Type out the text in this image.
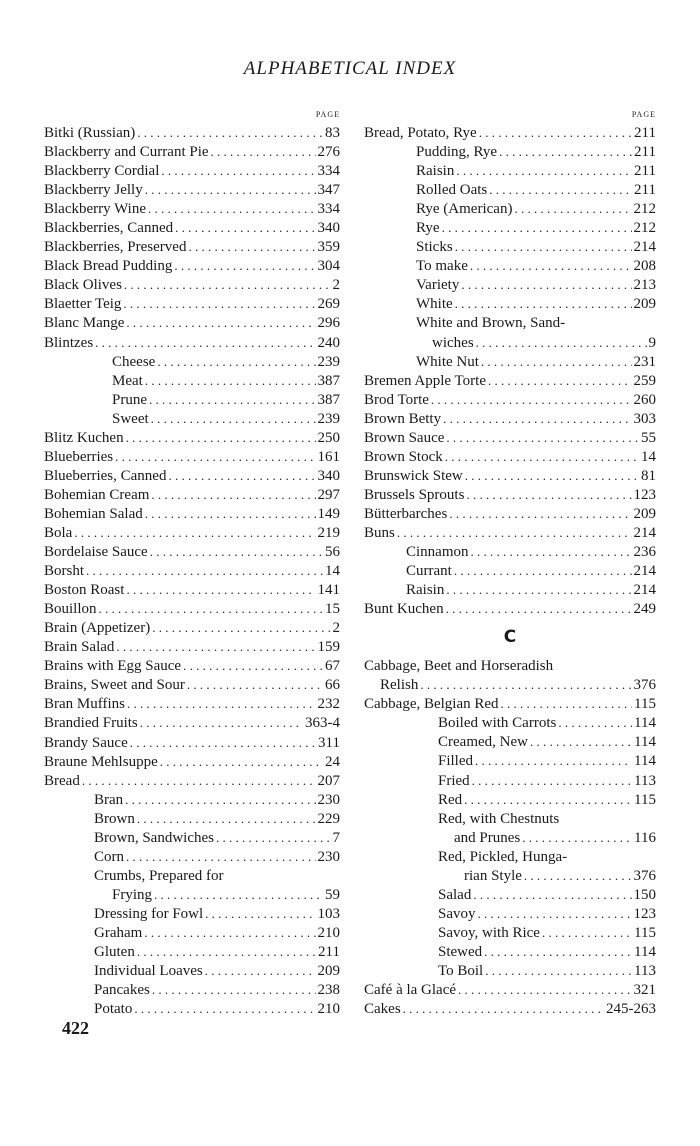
ALPHABETICAL INDEX
PAGE
Bitki (Russian) . . .	83
Blackberry and Currant Pie . . .	276
Blackberry Cordial . . .	334
Blackberry Jelly . . .	347
Blackberry Wine . . .	334
Blackberries, Canned . . .	340
Blackberries, Preserved . . .	359
Black Bread Pudding . . .	304
Black Olives . . .	2
Blaetter Teig . . .	269
Blanc Mange . . .	296
Blintzes . . .	240
Cheese . . .	239
Meat . . .	387
Prune . . .	387
Sweet . . .	239
Blitz Kuchen . . .	250
Blueberries . . .	161
Blueberries, Canned . . .	340
Bohemian Cream . . .	297
Bohemian Salad . . .	149
Bola . . .	219
Bordelaise Sauce . . .	56
Borsht . . .	14
Boston Roast . . .	141
Bouillon . . .	15
Brain (Appetizer) . . .	2
Brain Salad . . .	159
Brains with Egg Sauce . . .	67
Brains, Sweet and Sour . . .	66
Bran Muffins . . .	232
Brandied Fruits . . .	363-4
Brandy Sauce . . .	311
Braune Mehlsuppe . . .	24
Bread . . .	207
Bran . . .	230
Brown . . .	229
Brown, Sandwiches . . .	7
Corn . . .	230
Crumbs, Prepared for
Frying . . .	59
Dressing for Fowl . . .	103
Graham . . .	210
Gluten . . .	211
Individual Loaves . . .	209
Pancakes . . .	238
Potato . . .	210
PAGE
Bread, Potato, Rye . . .	211
Pudding, Rye . . .	211
Raisin . . .	211
Rolled Oats . . .	211
Rye (American) . . .	212
Rye . . .	212
Sticks . . .	214
To make . . .	208
Variety . . .	213
White . . .	209
White and Brown, Sand-
wiches . . .	9
White Nut . . .	231
Bremen Apple Torte . . .	259
Brod Torte . . .	260
Brown Betty . . .	303
Brown Sauce . . .	55
Brown Stock . . .	14
Brunswick Stew . . .	81
Brussels Sprouts . . .	123
Bütterbarches . . .	209
Buns . . .	214
Cinnamon . . .	236
Currant . . .	214
Raisin . . .	214
Bunt Kuchen . . .	249
C
Cabbage, Beet and Horseradish
Relish . . .	376
Cabbage, Belgian Red . . .	115
Boiled with Carrots . . .	114
Creamed, New . . .	114
Filled . . .	114
Fried . . .	113
Red . . .	115
Red, with Chestnuts
and Prunes . . .	116
Red, Pickled, Hunga-
rian Style . . .	376
Salad . . .	150
Savoy . . .	123
Savoy, with Rice . . .	115
Stewed . . .	114
To Boil . . .	113
Café à la Glacé . . .	321
Cakes . . .	245-263
422
